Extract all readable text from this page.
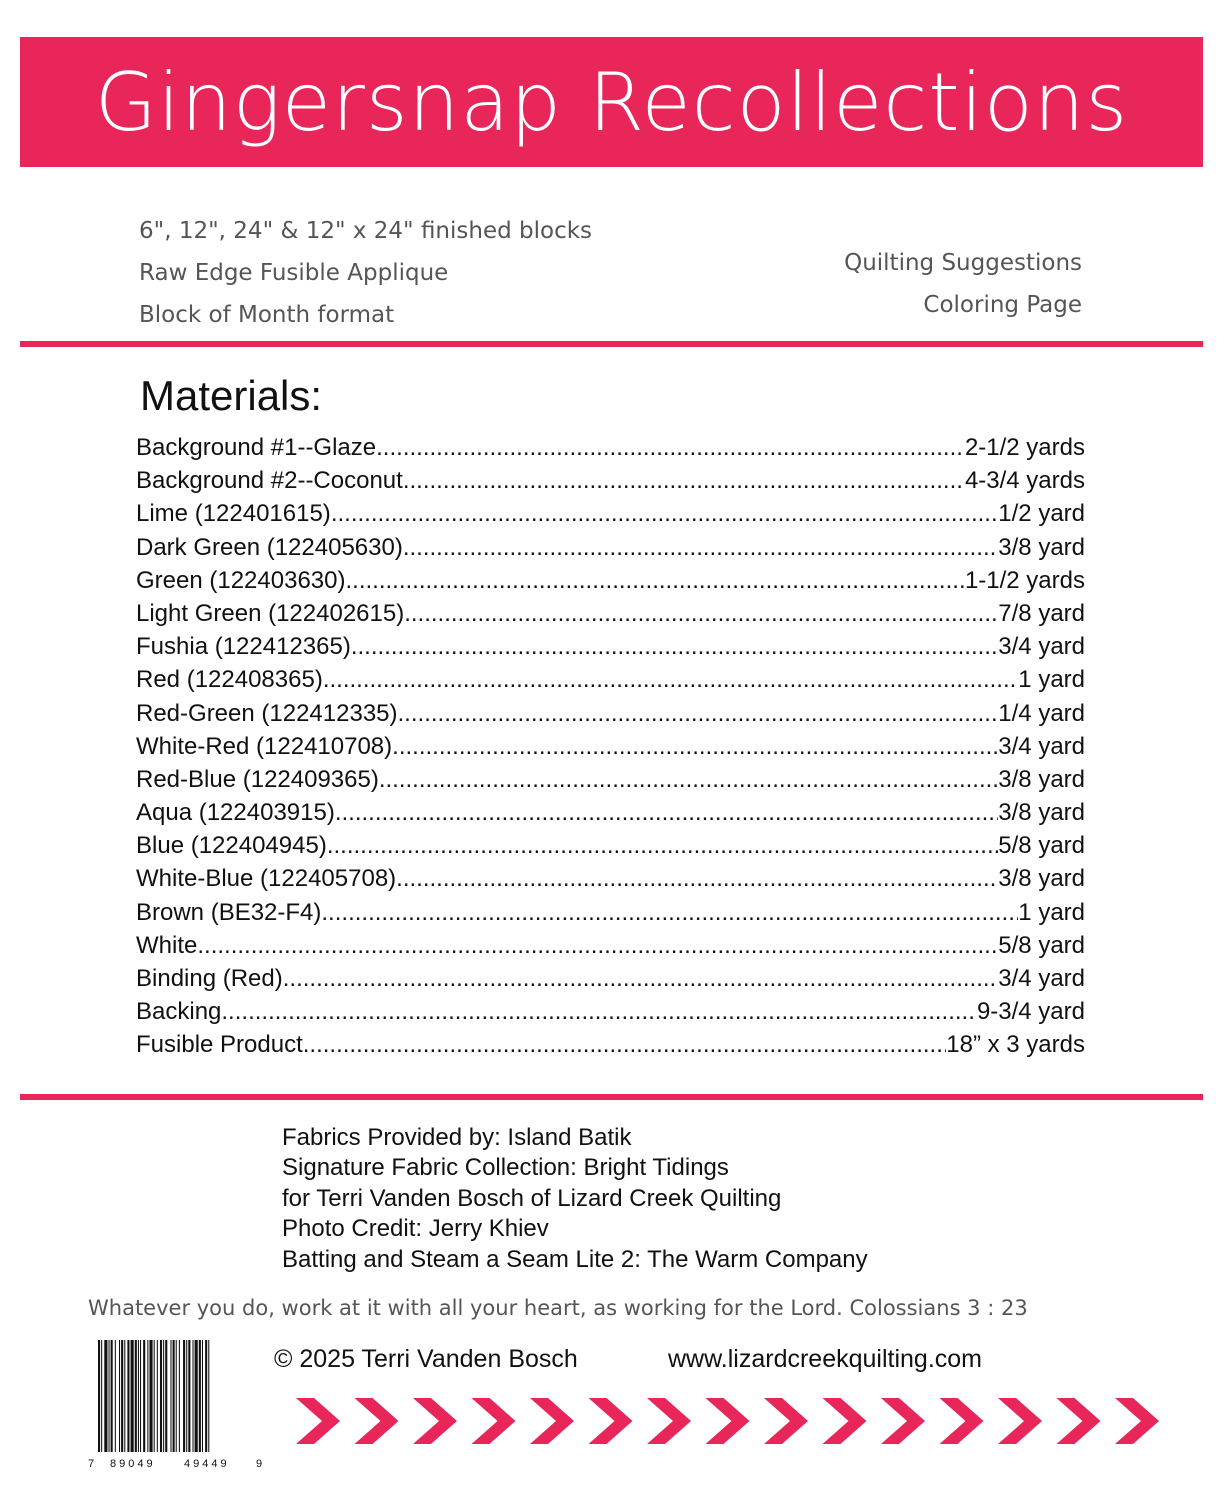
Gingersnap Recollections
6", 12", 24" & 12" x 24" finished blocks
Raw Edge Fusible Applique
Block of Month format
Quilting Suggestions
Coloring Page
Materials:
Background #1--Glaze .....	2-1/2 yards
Background #2--Coconut .....	4-3/4 yards
Lime (122401615) .....	1/2 yard
Dark Green (122405630) .....	3/8 yard
Green (122403630) .....	1-1/2 yards
Light Green (122402615) .....	7/8 yard
Fushia (122412365) .....	3/4 yard
Red (122408365) .....	1 yard
Red-Green (122412335) .....	1/4 yard
White-Red (122410708) .....	3/4 yard
Red-Blue (122409365) .....	3/8 yard
Aqua (122403915) .....	3/8 yard
Blue (122404945) .....	5/8 yard
White-Blue (122405708) .....	3/8 yard
Brown (BE32-F4) .....	1 yard
White .....	5/8 yard
Binding (Red) .....	3/4 yard
Backing .....	9-3/4 yard
Fusible Product .....	18” x 3 yards
Fabrics Provided by: Island Batik
Signature Fabric Collection: Bright Tidings
for Terri Vanden Bosch of Lizard Creek Quilting
Photo Credit: Jerry Khiev
Batting and Steam a Seam Lite 2: The Warm Company
Whatever you do, work at it with all your heart, as working for the Lord. Colossians 3 : 23
7 89049	49449 9
© 2025 Terri Vanden Bosch	www.lizardcreekquilting.com
